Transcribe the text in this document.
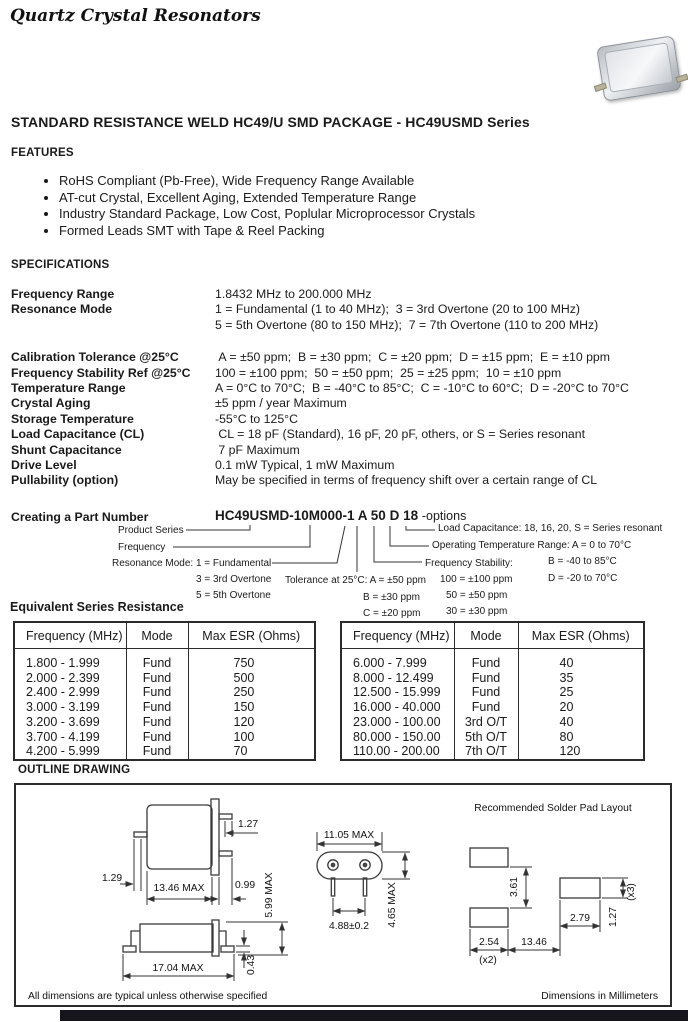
Quartz Crystal Resonators
STANDARD RESISTANCE WELD HC49/U SMD PACKAGE - HC49USMD Series
FEATURES
• RoHS Compliant (Pb-Free), Wide Frequency Range Available
• AT-cut Crystal, Excellent Aging, Extended Temperature Range
• Industry Standard Package, Low Cost, Poplular Microprocessor Crystals
• Formed Leads SMT with Tape & Reel Packing
SPECIFICATIONS
Frequency Range	1.8432 MHz to 200.000 MHz
Resonance Mode	1 = Fundamental (1 to 40 MHz);  3 = 3rd Overtone (20 to 100 MHz)
5 = 5th Overtone (80 to 150 MHz);  7 = 7th Overtone (110 to 200 MHz)
Calibration Tolerance @25°C	A = ±50 ppm;  B = ±30 ppm;  C = ±20 ppm;  D = ±15 ppm;  E = ±10 ppm
Frequency Stability Ref @25°C	100 = ±100 ppm;  50 = ±50 ppm;  25 = ±25 ppm;  10 = ±10 ppm
Temperature Range	A = 0°C to 70°C;  B = -40°C to 85°C;  C = -10°C to 60°C;  D = -20°C to 70°C
Crystal Aging	±5 ppm / year Maximum
Storage Temperature	-55°C to 125°C
Load Capacitance (CL)	CL = 18 pF (Standard), 16 pF, 20 pF, others, or S = Series resonant
Shunt Capacitance	7 pF Maximum
Drive Level	0.1 mW Typical, 1 mW Maximum
Pullability (option)	May be specified in terms of frequency shift over a certain range of CL
Creating a Part Number	HC49USMD-10M000-1 A 50 D 18 -options
Product Series
Frequency
Resonance Mode: 1 = Fundamental
3 = 3rd Overtone
5 = 5th Overtone
Tolerance at 25°C: A = ±50 ppm
B = ±30 ppm
C = ±20 ppm
Frequency Stability:
100 = ±100 ppm
50 = ±50 ppm
30 = ±30 ppm
Load Capacitance: 18, 16, 20, S = Series resonant
Operating Temperature Range: A = 0 to 70°C
B = -40 to 85°C
D = -20 to 70°C
Equivalent Series Resistance
Frequency (MHz)	Mode	Max ESR (Ohms)
1.800 - 1.999	Fund	750
2.000 - 2.399	Fund	500
2.400 - 2.999	Fund	250
3.000 - 3.199	Fund	150
3.200 - 3.699	Fund	120
3.700 - 4.199	Fund	100
4.200 - 5.999	Fund	70
Frequency (MHz)	Mode	Max ESR (Ohms)
6.000 - 7.999	Fund	40
8.000 - 12.499	Fund	35
12.500 - 15.999	Fund	25
16.000 - 40.000	Fund	20
23.000 - 100.00	3rd O/T	40
80.000 - 150.00	5th O/T	80
110.00 - 200.00	7th O/T	120
OUTLINE DRAWING
1.27
1.29
13.46 MAX	0.99 5.99 MAX
17.04 MAX	0.43
11.05 MAX
4.88±0.2 4.65 MAX
Recommended Solder Pad Layout
3.61
2.54
(x2)
13.46
2.79 1.27
(x3)
All dimensions are typical unless otherwise specified	Dimensions in Millimeters
